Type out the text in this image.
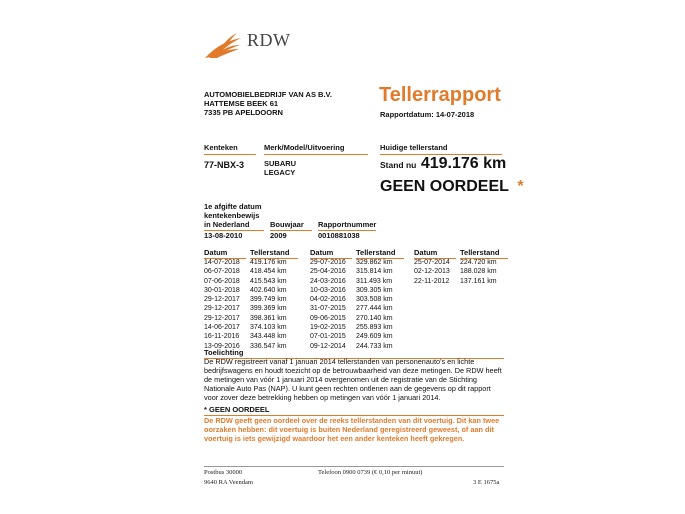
RDW
AUTOMOBIELBEDRIJF VAN AS B.V.
HATTEMSE BEEK 61
7335 PB APELDOORN
Tellerrapport
Rapportdatum: 14-07-2018
Kenteken	Merk/Model/Uitvoering	Huidige tellerstand
77-NBX-3	SUBARU
LEGACY
Stand nu 419.176 km
GEEN OORDEEL *
1e afgifte datum
kentekenbewijs
in Nederland	Bouwjaar	Rapportnummer
13-08-2010	2009	0010881038
Datum	Tellerstand	Datum	Tellerstand	Datum	Tellerstand
14-07-2018	419.176 km
06-07-2018	418.454 km
07-06-2018	415.543 km
30-01-2018	402.640 km
29-12-2017	399.749 km
29-12-2017	399.369 km
29-12-2017	398.361 km
14-06-2017	374.103 km
16-11-2016	343.448 km
13-09-2016	336.547 km
29-07-2016	329.862 km
25-04-2016	315.814 km
24-03-2016	311.493 km
10-03-2016	309.305 km
04-02-2016	303.508 km
31-07-2015	277.444 km
09-06-2015	270.140 km
19-02-2015	255.893 km
07-01-2015	249.609 km
09-12-2014	244.733 km
25-07-2014	224.720 km
02-12-2013	188.028 km
22-11-2012	137.161 km
Toelichting
De RDW registreert vanaf 1 januari 2014 tellerstanden van personenauto's en lichte bedrijfswagens en houdt toezicht op de betrouwbaarheid van deze metingen. De RDW heeft de metingen van vóór 1 januari 2014 overgenomen uit de registratie van de Stichting Nationale Auto Pas (NAP). U kunt geen rechten ontlenen aan de gegevens op dit rapport voor zover deze betrekking hebben op metingen van vóór 1 januari 2014.
* GEEN OORDEEL
De RDW geeft geen oordeel over de reeks tellerstanden van dit voertuig. Dit kan twee oorzaken hebben: dit voertuig is buiten Nederland geregistreerd geweest, of aan dit voertuig is iets gewijzigd waardoor het een ander kenteken heeft gekregen.
Postbus 30000
9640 RA Veendam
Telefoon 0900 0739 (€ 0,10 per minuut)
3 E 1675a
